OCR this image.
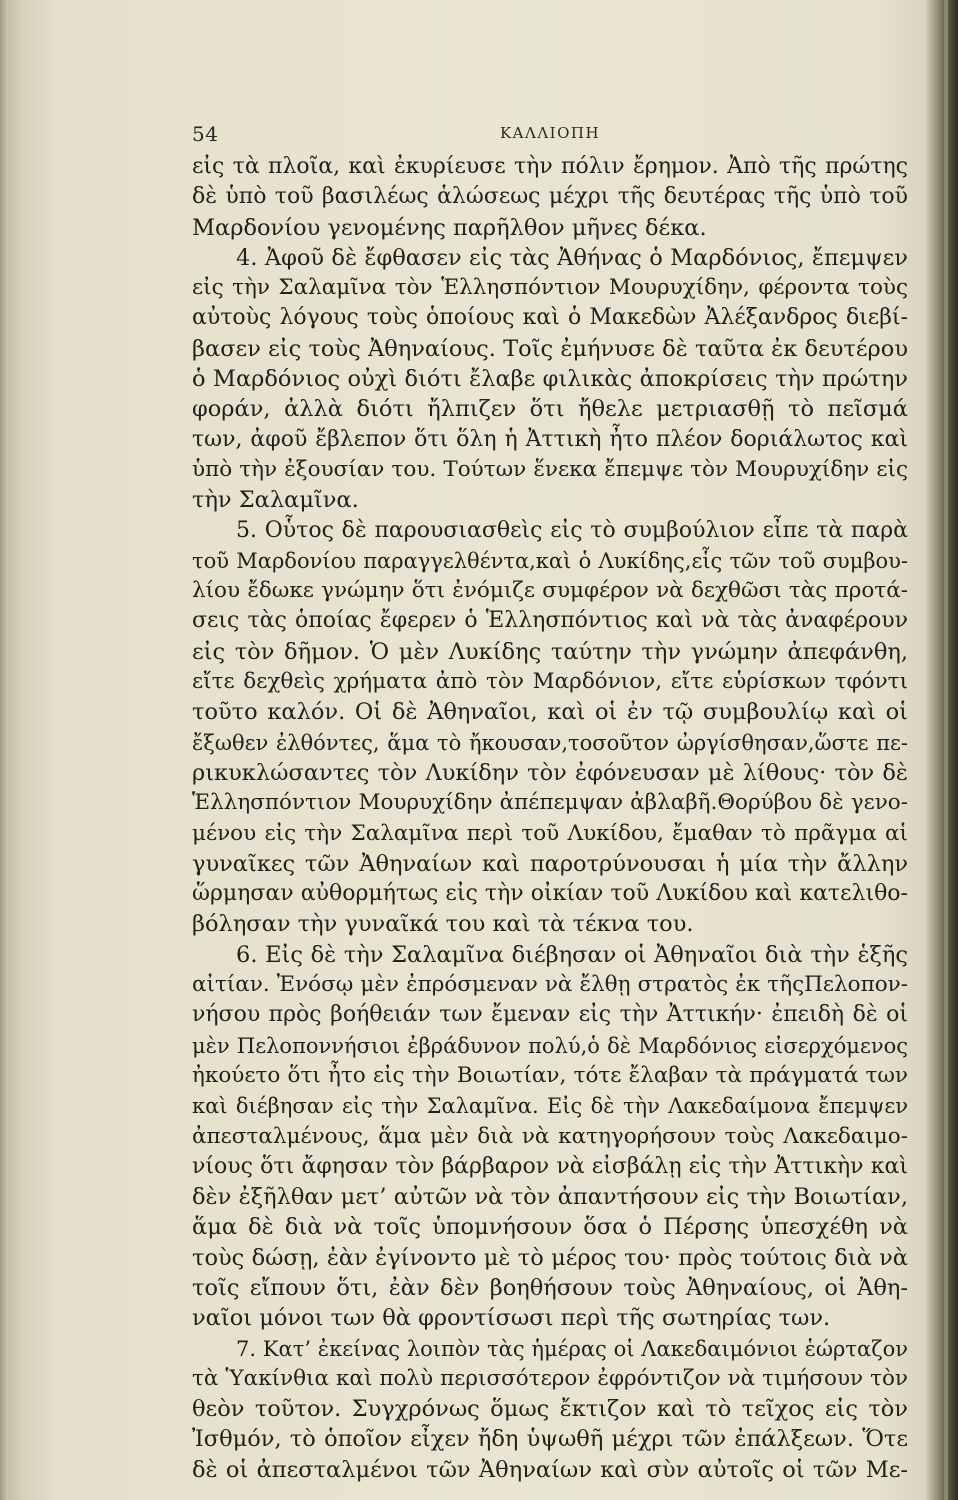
54	ΚΑΛΛΙΟΠΗ
εἰς τὰ πλοῖα, καὶ ἐκυρίευσε τὴν πόλιν ἔρημον. Ἀπὸ τῆς πρώτης
δὲ ὑπὸ τοῦ βασιλέως ἁλώσεως μέχρι τῆς δευτέρας τῆς ὑπὸ τοῦ
Μαρδονίου γενομένης παρῆλθον μῆνες δέκα.
4. Ἀφοῦ δὲ ἔφθασεν εἰς τὰς Ἀθήνας ὁ Μαρδόνιος, ἔπεμψεν
εἰς τὴν Σαλαμῖνα τὸν Ἑλλησπόντιον Μουρυχίδην, φέροντα τοὺς
αὐτοὺς λόγους τοὺς ὁποίους καὶ ὁ Μακεδὼν Ἀλέξανδρος διεβί-
βασεν εἰς τοὺς Ἀθηναίους. Τοῖς ἐμήνυσε δὲ ταῦτα ἐκ δευτέρου
ὁ Μαρδόνιος οὐχὶ διότι ἔλαβε φιλικὰς ἀποκρίσεις τὴν πρώτην
φοράν, ἀλλὰ διότι ἤλπιζεν ὅτι ἤθελε μετριασθῇ τὸ πεῖσμά
των, ἀφοῦ ἔβλεπον ὅτι ὅλη ἡ Ἀττικὴ ἦτο πλέον δοριάλωτος καὶ
ὑπὸ τὴν ἐξουσίαν του. Τούτων ἕνεκα ἔπεμψε τὸν Μουρυχίδην εἰς
τὴν Σαλαμῖνα.
5. Οὗτος δὲ παρουσιασθεὶς εἰς τὸ συμβούλιον εἶπε τὰ παρὰ
τοῦ Μαρδονίου παραγγελθέντα,καὶ ὁ Λυκίδης,εἷς τῶν τοῦ συμβου-
λίου ἔδωκε γνώμην ὅτι ἐνόμιζε συμφέρον νὰ δεχθῶσι τὰς προτά-
σεις τὰς ὁποίας ἔφερεν ὁ Ἑλλησπόντιος καὶ νὰ τὰς ἀναφέρουν
εἰς τὸν δῆμον. Ὁ μὲν Λυκίδης ταύτην τὴν γνώμην ἀπεφάνθη,
εἴτε δεχθεὶς χρήματα ἀπὸ τὸν Μαρδόνιον, εἴτε εὑρίσκων τφόντι
τοῦτο καλόν. Οἱ δὲ Ἀθηναῖοι, καὶ οἱ ἐν τῷ συμβουλίῳ καὶ οἱ
ἔξωθεν ἐλθόντες, ἅμα τὸ ἤκουσαν,τοσοῦτον ὠργίσθησαν,ὥστε πε-
ρικυκλώσαντες τὸν Λυκίδην τὸν ἐφόνευσαν μὲ λίθους· τὸν δὲ
Ἑλλησπόντιον Μουρυχίδην ἀπέπεμψαν ἀβλαβῆ.Θορύβου δὲ γενο-
μένου εἰς τὴν Σαλαμῖνα περὶ τοῦ Λυκίδου, ἔμαθαν τὸ πρᾶγμα αἱ
γυναῖκες τῶν Ἀθηναίων καὶ παροτρύνουσαι ἡ μία τὴν ἄλλην
ὥρμησαν αὐθορμήτως εἰς τὴν οἰκίαν τοῦ Λυκίδου καὶ κατελιθο-
βόλησαν τὴν γυναῖκά του καὶ τὰ τέκνα του.
6. Εἰς δὲ τὴν Σαλαμῖνα διέβησαν οἱ Ἀθηναῖοι διὰ τὴν ἑξῆς
αἰτίαν. Ἐνόσῳ μὲν ἐπρόσμεναν νὰ ἔλθῃ στρατὸς ἐκ τῆςΠελοπον-
νήσου πρὸς βοήθειάν των ἔμεναν εἰς τὴν Ἀττικήν· ἐπειδὴ δὲ οἱ
μὲν Πελοποννήσιοι ἐβράδυνον πολύ,ὁ δὲ Μαρδόνιος εἰσερχόμενος
ἠκούετο ὅτι ἦτο εἰς τὴν Βοιωτίαν, τότε ἔλαβαν τὰ πράγματά των
καὶ διέβησαν εἰς τὴν Σαλαμῖνα. Εἰς δὲ τὴν Λακεδαίμονα ἔπεμψεν
ἀπεσταλμένους, ἅμα μὲν διὰ νὰ κατηγορήσουν τοὺς Λακεδαιμο-
νίους ὅτι ἄφησαν τὸν βάρβαρον νὰ εἰσβάλῃ εἰς τὴν Ἀττικὴν καὶ
δὲν ἐξῆλθαν μετ’ αὐτῶν νὰ τὸν ἀπαντήσουν εἰς τὴν Βοιωτίαν,
ἅμα δὲ διὰ νὰ τοῖς ὑπομνήσουν ὅσα ὁ Πέρσης ὑπεσχέθη νὰ
τοὺς δώσῃ, ἐὰν ἐγίνοντο μὲ τὸ μέρος του· πρὸς τούτοις διὰ νὰ
τοῖς εἴπουν ὅτι, ἐὰν δὲν βοηθήσουν τοὺς Ἀθηναίους, οἱ Ἀθη-
ναῖοι μόνοι των θὰ φροντίσωσι περὶ τῆς σωτηρίας των.
7. Κατ’ ἐκείνας λοιπὸν τὰς ἡμέρας οἱ Λακεδαιμόνιοι ἑώρταζον
τὰ Ὑακίνθια καὶ πολὺ περισσότερον ἐφρόντιζον νὰ τιμήσουν τὸν
θεὸν τοῦτον. Συγχρόνως ὅμως ἔκτιζον καὶ τὸ τεῖχος εἰς τὸν
Ἰσθμόν, τὸ ὁποῖον εἶχεν ἤδη ὑψωθῆ μέχρι τῶν ἐπάλξεων. Ὅτε
δὲ οἱ ἀπεσταλμένοι τῶν Ἀθηναίων καὶ σὺν αὐτοῖς οἱ τῶν Με-
